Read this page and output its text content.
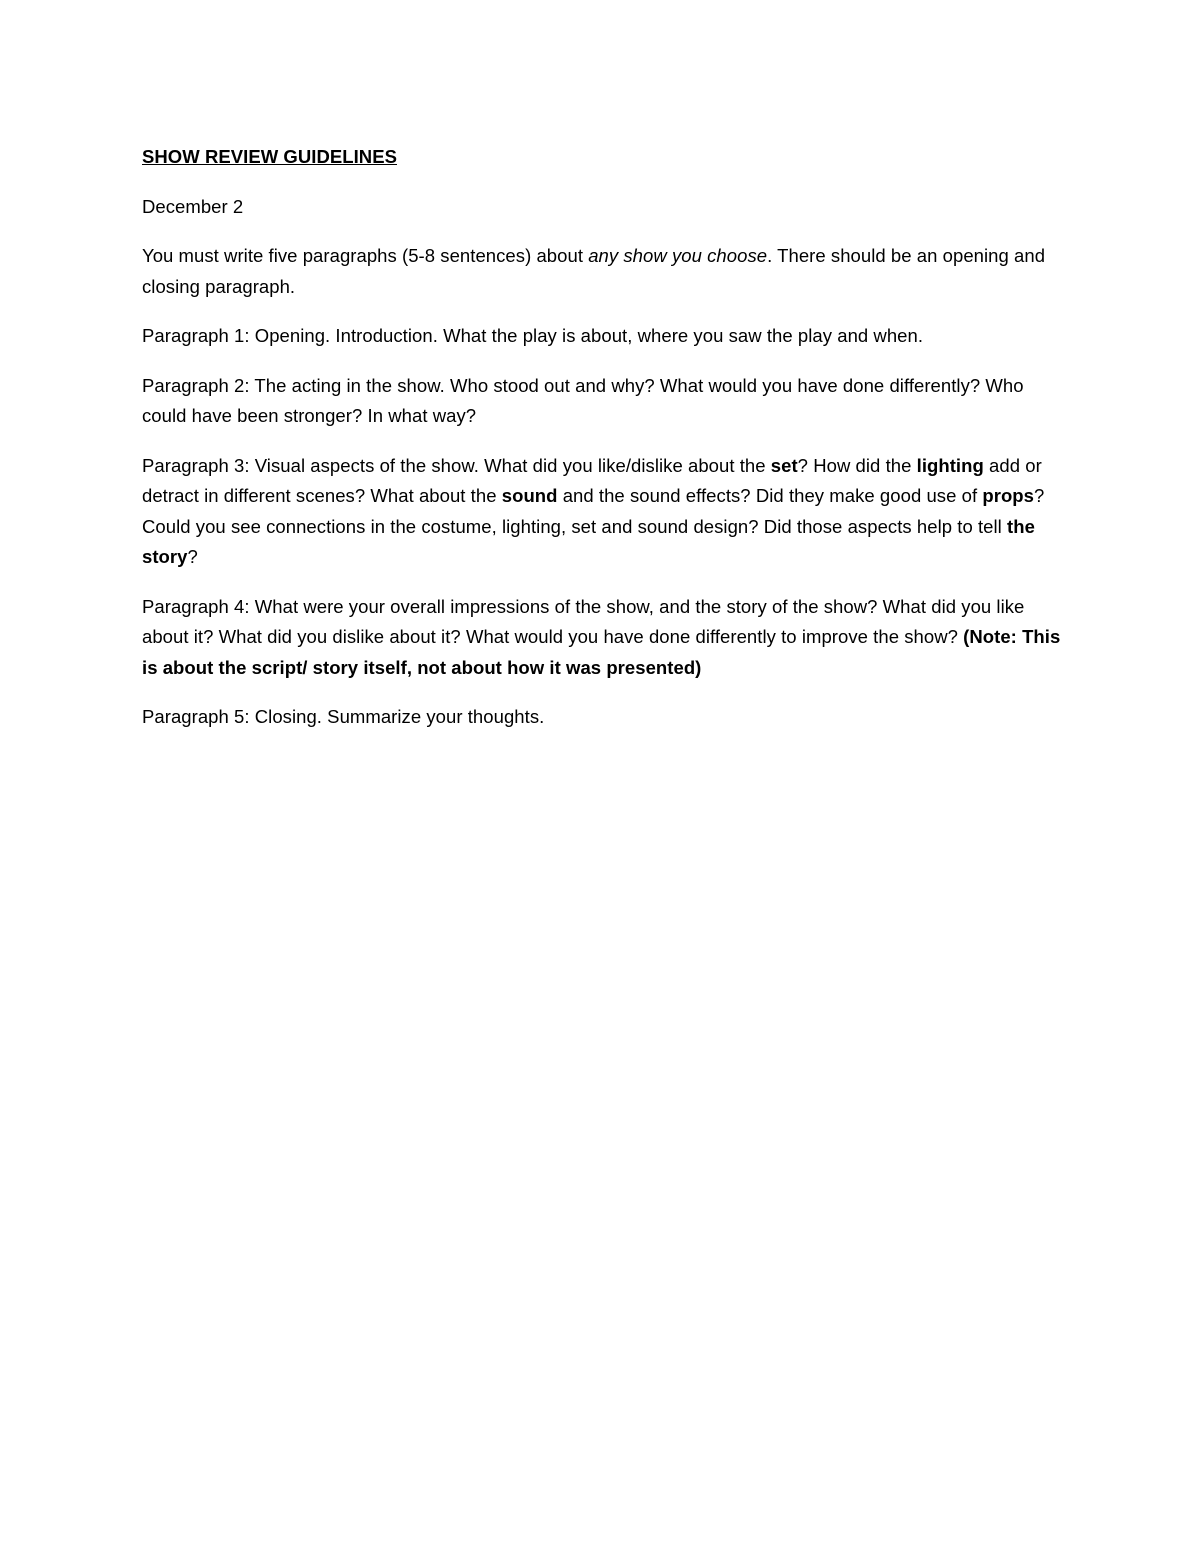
SHOW REVIEW GUIDELINES

December 2

You must write five paragraphs (5-8 sentences) about any show you choose. There should be an opening and closing paragraph.

Paragraph 1: Opening. Introduction. What the play is about, where you saw the play and when.

Paragraph 2: The acting in the show. Who stood out and why? What would you have done differently? Who could have been stronger? In what way?

Paragraph 3: Visual aspects of the show. What did you like/dislike about the set? How did the lighting add or detract in different scenes? What about the sound and the sound effects? Did they make good use of props? Could you see connections in the costume, lighting, set and sound design? Did those aspects help to tell the story?

Paragraph 4: What were your overall impressions of the show, and the story of the show? What did you like about it? What did you dislike about it? What would you have done differently to improve the show? (Note: This is about the script/ story itself, not about how it was presented)

Paragraph 5: Closing. Summarize your thoughts.
